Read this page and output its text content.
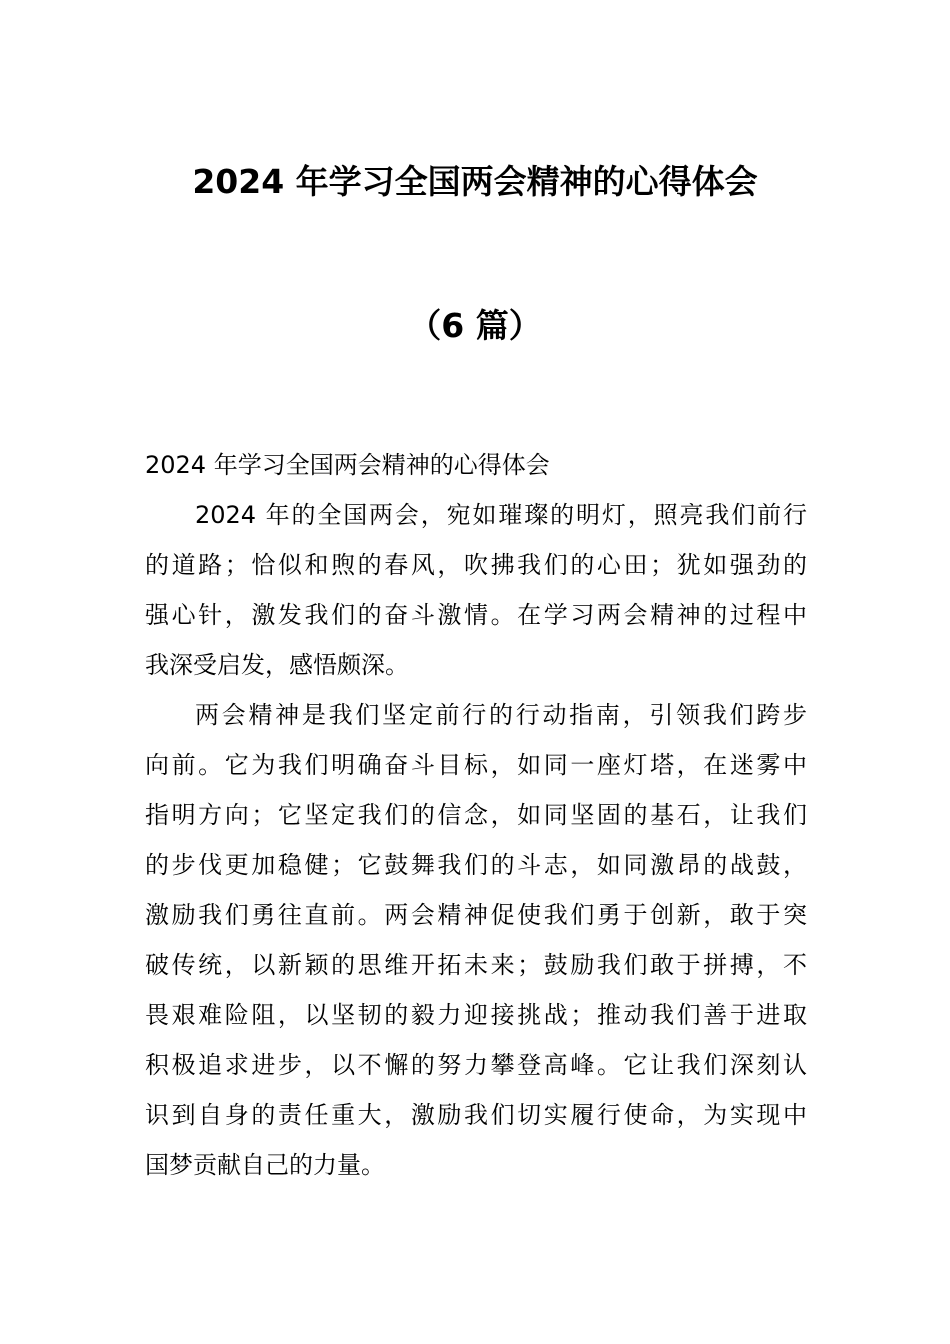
2024 年学习全国两会精神的心得体会
（6 篇）
2024 年学习全国两会精神的心得体会
2024 年的全国两会，宛如璀璨的明灯，照亮我们前行
的道路；恰似和煦的春风，吹拂我们的心田；犹如强劲的
强心针，激发我们的奋斗激情。在学习两会精神的过程中
我深受启发，感悟颇深。
两会精神是我们坚定前行的行动指南，引领我们跨步
向前。它为我们明确奋斗目标，如同一座灯塔，在迷雾中
指明方向；它坚定我们的信念，如同坚固的基石，让我们
的步伐更加稳健；它鼓舞我们的斗志，如同激昂的战鼓，
激励我们勇往直前。两会精神促使我们勇于创新，敢于突
破传统，以新颖的思维开拓未来；鼓励我们敢于拼搏，不
畏艰难险阻，以坚韧的毅力迎接挑战；推动我们善于进取
积极追求进步，以不懈的努力攀登高峰。它让我们深刻认
识到自身的责任重大，激励我们切实履行使命，为实现中
国梦贡献自己的力量。
